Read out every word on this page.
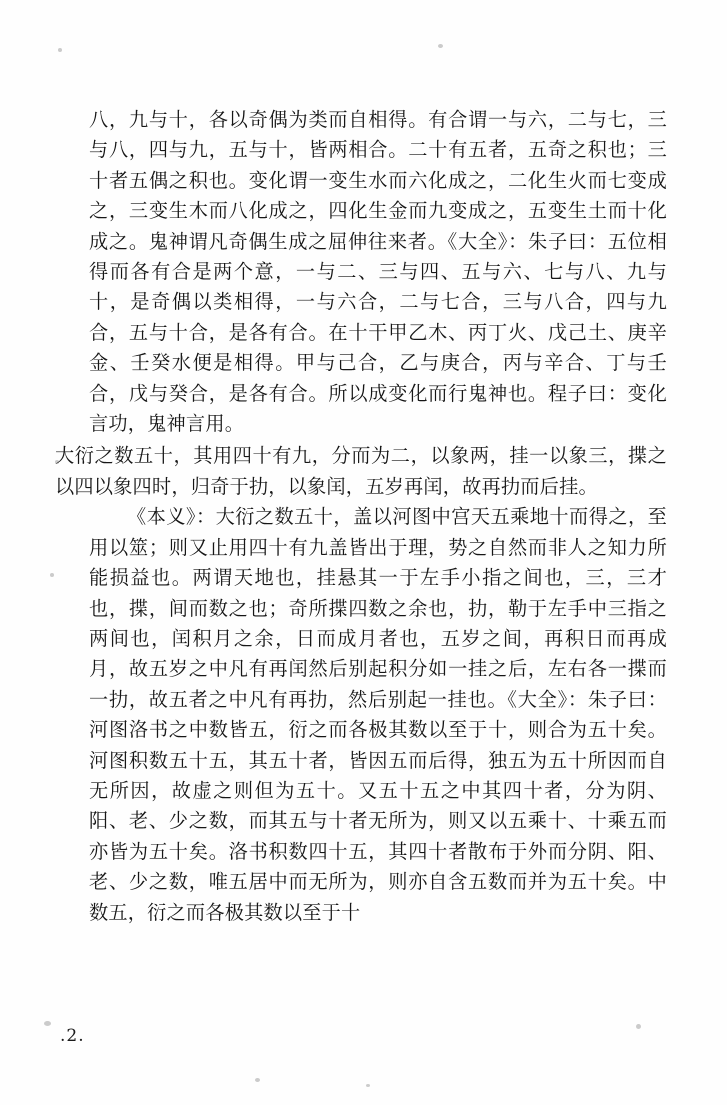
八，九与十，各以奇偶为类而自相得。有合谓一与六，二与七，三与八，四与九，五与十，皆两相合。二十有五者，五奇之积也；三十者五偶之积也。变化谓一变生水而六化成之，二化生火而七变成之，三变生木而八化成之，四化生金而九变成之，五变生土而十化成之。鬼神谓凡奇偶生成之屈伸往来者。《大全》：朱子曰：五位相得而各有合是两个意，一与二、三与四、五与六、七与八、九与十，是奇偶以类相得，一与六合，二与七合，三与八合，四与九合，五与十合，是各有合。在十干甲乙木、丙丁火、戊己土、庚辛金、壬癸水便是相得。甲与己合，乙与庚合，丙与辛合、丁与壬合，戊与癸合，是各有合。所以成变化而行鬼神也。程子曰：变化言功，鬼神言用。

大衍之数五十，其用四十有九，分而为二，以象两，挂一以象三，揲之以四以象四时，归奇于扐，以象闰，五岁再闰，故再扐而后挂。

《本义》：大衍之数五十，盖以河图中宫天五乘地十而得之，至用以筮；则又止用四十有九盖皆出于理，势之自然而非人之知力所能损益也。两谓天地也，挂悬其一于左手小指之间也，三，三才也，揲，间而数之也；奇所揲四数之余也，扐，勒于左手中三指之两间也，闰积月之余，日而成月者也，五岁之间，再积日而再成月，故五岁之中凡有再闰然后别起积分如一挂之后，左右各一揲而一扐，故五者之中凡有再扐，然后别起一挂也。《大全》：朱子曰：河图洛书之中数皆五，衍之而各极其数以至于十，则合为五十矣。河图积数五十五，其五十者，皆因五而后得，独五为五十所因而自无所因，故虚之则但为五十。又五十五之中其四十者，分为阴、阳、老、少之数，而其五与十者无所为，则又以五乘十、十乘五而亦皆为五十矣。洛书积数四十五，其四十者散布于外而分阴、阳、老、少之数，唯五居中而无所为，则亦自含五数而并为五十矣。中数五，衍之而各极其数以至于十

.2.
